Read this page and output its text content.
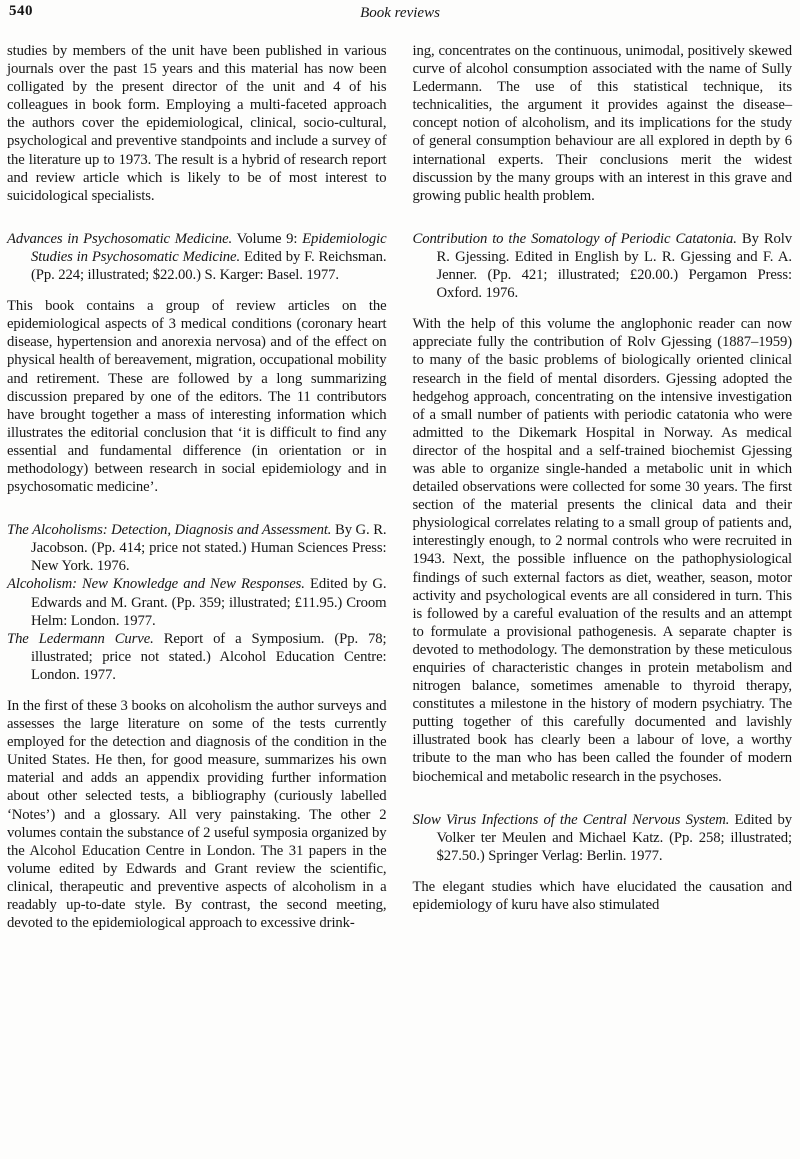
540	Book reviews

studies by members of the unit have been published in various journals over the past 15 years and this material has now been colligated by the present director of the unit and 4 of his colleagues in book form. Employing a multi-faceted approach the authors cover the epidemiological, clinical, socio-cultural, psychological and preventive standpoints and include a survey of the literature up to 1973. The result is a hybrid of research report and review article which is likely to be of most interest to suicidological specialists.

Advances in Psychosomatic Medicine. Volume 9: Epidemiologic Studies in Psychosomatic Medicine. Edited by F. Reichsman. (Pp. 224; illustrated; $22.00.) S. Karger: Basel. 1977.

This book contains a group of review articles on the epidemiological aspects of 3 medical conditions (coronary heart disease, hypertension and anorexia nervosa) and of the effect on physical health of bereavement, migration, occupational mobility and retirement. These are followed by a long summarizing discussion prepared by one of the editors. The 11 contributors have brought together a mass of interesting information which illustrates the editorial conclusion that ‘it is difficult to find any essential and fundamental difference (in orientation or in methodology) between research in social epidemiology and in psychosomatic medicine’.

The Alcoholisms: Detection, Diagnosis and Assessment. By G. R. Jacobson. (Pp. 414; price not stated.) Human Sciences Press: New York. 1976.
Alcoholism: New Knowledge and New Responses. Edited by G. Edwards and M. Grant. (Pp. 359; illustrated; £11.95.) Croom Helm: London. 1977.
The Ledermann Curve. Report of a Symposium. (Pp. 78; illustrated; price not stated.) Alcohol Education Centre: London. 1977.

In the first of these 3 books on alcoholism the author surveys and assesses the large literature on some of the tests currently employed for the detection and diagnosis of the condition in the United States. He then, for good measure, summarizes his own material and adds an appendix providing further information about other selected tests, a bibliography (curiously labelled ‘Notes’) and a glossary. All very painstaking. The other 2 volumes contain the substance of 2 useful symposia organized by the Alcohol Education Centre in London. The 31 papers in the volume edited by Edwards and Grant review the scientific, clinical, therapeutic and preventive aspects of alcoholism in a readably up-to-date style. By contrast, the second meeting, devoted to the epidemiological approach to excessive drink-

ing, concentrates on the continuous, unimodal, positively skewed curve of alcohol consumption associated with the name of Sully Ledermann. The use of this statistical technique, its technicalities, the argument it provides against the disease–concept notion of alcoholism, and its implications for the study of general consumption behaviour are all explored in depth by 6 international experts. Their conclusions merit the widest discussion by the many groups with an interest in this grave and growing public health problem.

Contribution to the Somatology of Periodic Catatonia. By Rolv R. Gjessing. Edited in English by L. R. Gjessing and F. A. Jenner. (Pp. 421; illustrated; £20.00.) Pergamon Press: Oxford. 1976.

With the help of this volume the anglophonic reader can now appreciate fully the contribution of Rolv Gjessing (1887–1959) to many of the basic problems of biologically oriented clinical research in the field of mental disorders. Gjessing adopted the hedgehog approach, concentrating on the intensive investigation of a small number of patients with periodic catatonia who were admitted to the Dikemark Hospital in Norway. As medical director of the hospital and a self-trained biochemist Gjessing was able to organize single-handed a metabolic unit in which detailed observations were collected for some 30 years. The first section of the material presents the clinical data and their physiological correlates relating to a small group of patients and, interestingly enough, to 2 normal controls who were recruited in 1943. Next, the possible influence on the pathophysiological findings of such external factors as diet, weather, season, motor activity and psychological events are all considered in turn. This is followed by a careful evaluation of the results and an attempt to formulate a provisional pathogenesis. A separate chapter is devoted to methodology. The demonstration by these meticulous enquiries of characteristic changes in protein metabolism and nitrogen balance, sometimes amenable to thyroid therapy, constitutes a milestone in the history of modern psychiatry. The putting together of this carefully documented and lavishly illustrated book has clearly been a labour of love, a worthy tribute to the man who has been called the founder of modern biochemical and metabolic research in the psychoses.

Slow Virus Infections of the Central Nervous System. Edited by Volker ter Meulen and Michael Katz. (Pp. 258; illustrated; $27.50.) Springer Verlag: Berlin. 1977.

The elegant studies which have elucidated the causation and epidemiology of kuru have also stimulated
